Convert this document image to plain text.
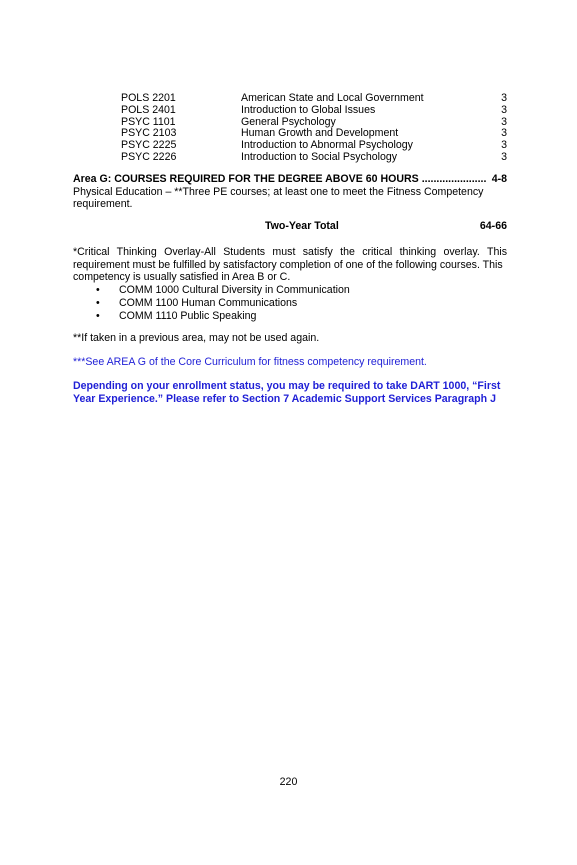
POLS 2201	American State and Local Government	3
POLS 2401	Introduction to Global Issues	3
PSYC 1101	General Psychology	3
PSYC 2103	Human Growth and Development	3
PSYC 2225	Introduction to Abnormal Psychology	3
PSYC 2226	Introduction to Social Psychology	3
Area G: COURSES REQUIRED FOR THE DEGREE ABOVE 60 HOURS ...................... 4-8

Physical Education – **Three PE courses; at least one to meet the Fitness Competency requirement.

Two-Year Total	64-66

*Critical Thinking Overlay-All Students must satisfy the critical thinking overlay. This requirement must be fulfilled by satisfactory completion of one of the following courses. This

competency is usually satisfied in Area B or C.

• COMM 1000 Cultural Diversity in Communication
• COMM 1100 Human Communications
• COMM 1110 Public Speaking
**If taken in a previous area, may not be used again.
***See AREA G of the Core Curriculum for fitness competency requirement.
Depending on your enrollment status, you may be required to take DART 1000, “First
Year Experience.” Please refer to Section 7 Academic Support Services Paragraph J
220
